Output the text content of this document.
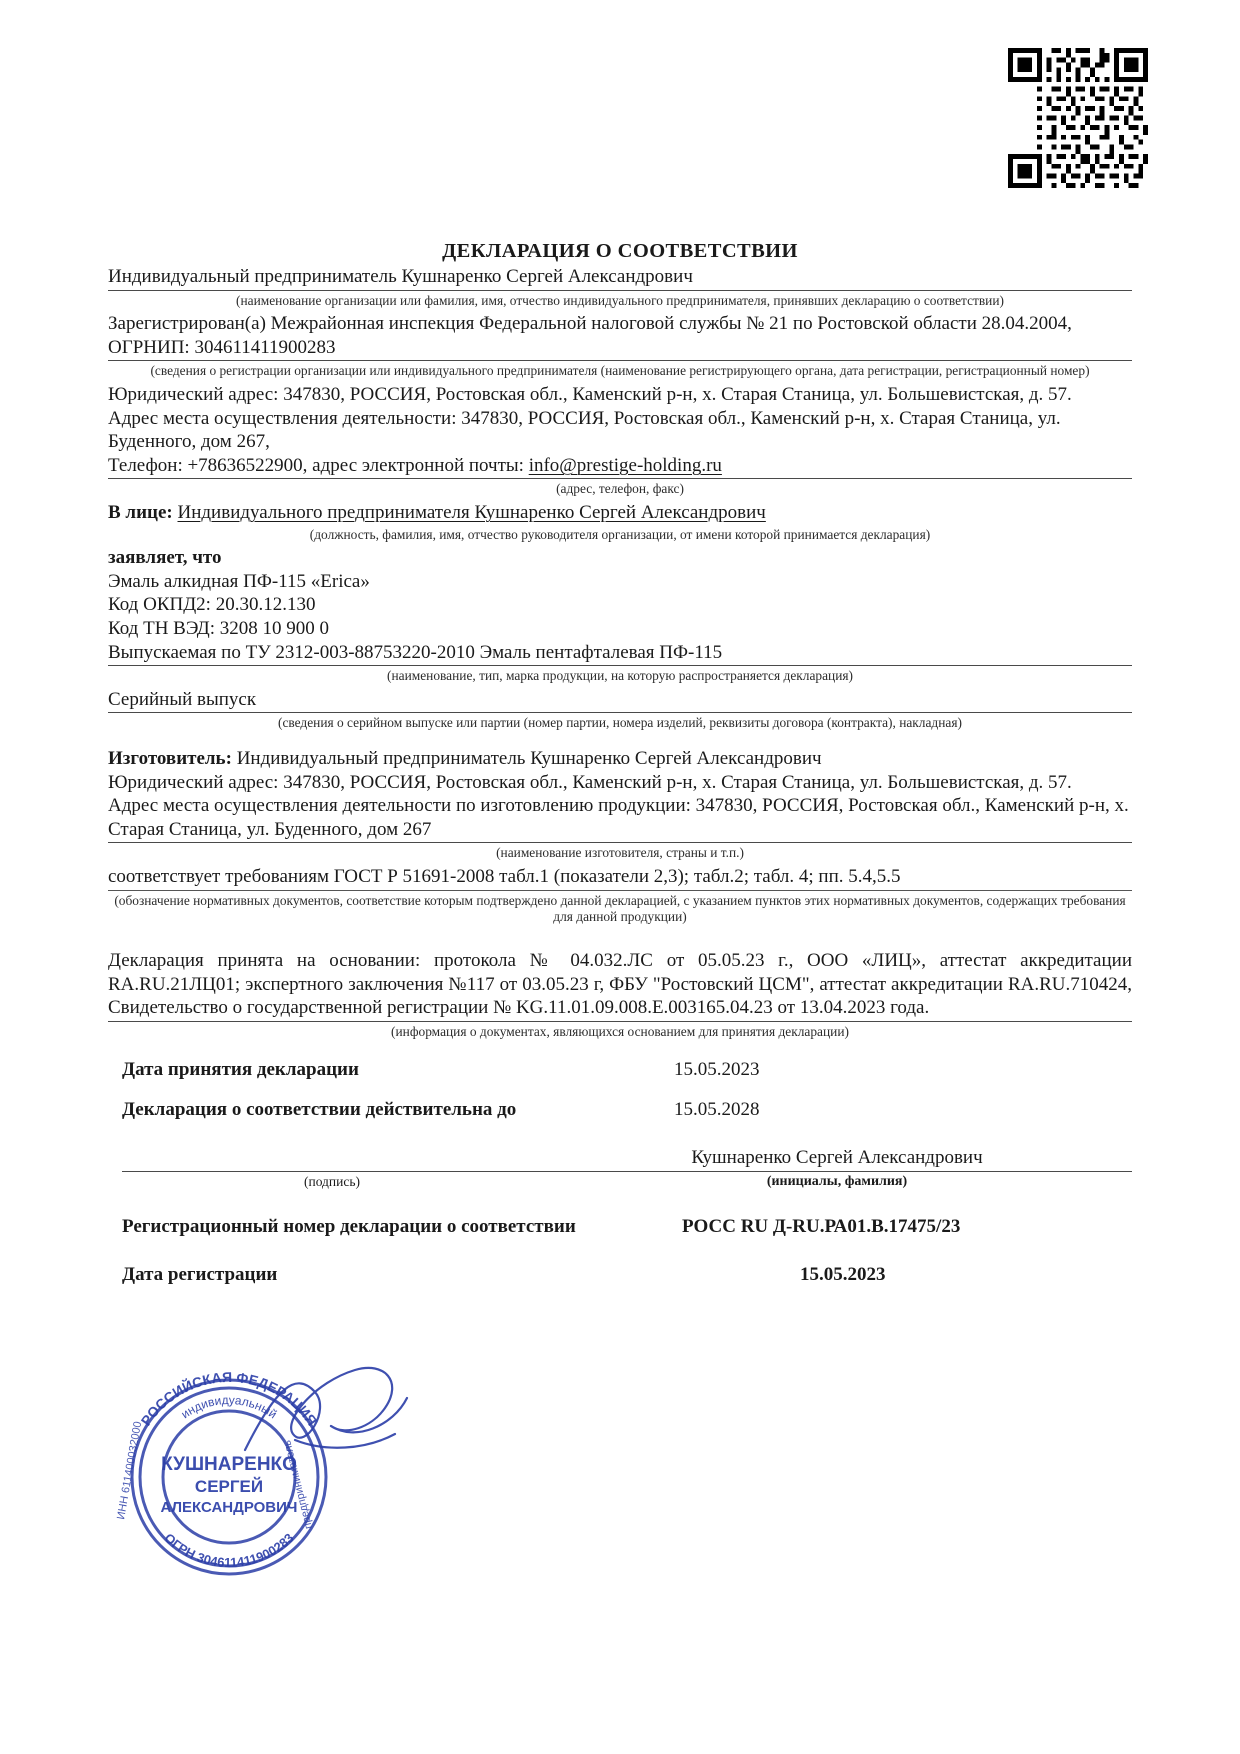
ДЕКЛАРАЦИЯ О СООТВЕТСТВИИ
Индивидуальный предприниматель Кушнаренко Сергей Александрович
(наименование организации или фамилия, имя, отчество индивидуального предпринимателя, принявших декларацию о соответствии)
Зарегистрирован(а) Межрайонная инспекция Федеральной налоговой службы № 21 по Ростовской области 28.04.2004, ОГРНИП: 304611411900283
(сведения о регистрации организации или индивидуального предпринимателя (наименование регистрирующего органа, дата регистрации, регистрационный номер)
Юридический адрес: 347830, РОССИЯ, Ростовская обл., Каменский р-н, х. Старая Станица, ул. Большевистская, д. 57.
Адрес места осуществления деятельности: 347830, РОССИЯ, Ростовская обл., Каменский р-н, х. Старая Станица, ул. Буденного, дом 267,
Телефон: +78636522900, адрес электронной почты: info@prestige-holding.ru
(адрес, телефон, факс)
В лице: Индивидуального предпринимателя Кушнаренко Сергей Александрович
(должность, фамилия, имя, отчество руководителя организации, от имени которой принимается декларация)
заявляет, что
Эмаль алкидная ПФ-115 «Erica»
Код ОКПД2: 20.30.12.130
Код ТН ВЭД: 3208 10 900 0
Выпускаемая по ТУ 2312-003-88753220-2010 Эмаль пентафталевая ПФ-115
(наименование, тип, марка продукции, на которую распространяется декларация)
Серийный выпуск
(сведения о серийном выпуске или партии (номер партии, номера изделий, реквизиты договора (контракта), накладная)
Изготовитель: Индивидуальный предприниматель Кушнаренко Сергей Александрович
Юридический адрес: 347830, РОССИЯ, Ростовская обл., Каменский р-н, х. Старая Станица, ул. Большевистская, д. 57.
Адрес места осуществления деятельности по изготовлению продукции: 347830, РОССИЯ, Ростовская обл., Каменский р-н, х. Старая Станица, ул. Буденного, дом 267
(наименование изготовителя, страны и т.п.)
соответствует требованиям ГОСТ Р 51691-2008 табл.1 (показатели 2,3); табл.2; табл. 4; пп. 5.4,5.5
(обозначение нормативных документов, соответствие которым подтверждено данной декларацией, с указанием пунктов этих нормативных документов, содержащих требования для данной продукции)
Декларация принята на основании: протокола № 04.032.ЛС от 05.05.23 г., ООО «ЛИЦ», аттестат аккредитации RA.RU.21ЛЦ01; экспертного заключения №117 от 03.05.23 г, ФБУ "Ростовский ЦСМ", аттестат аккредитации RA.RU.710424, Свидетельство о государственной регистрации № KG.11.01.09.008.Е.003165.04.23 от 13.04.2023 года.
(информация о документах, являющихся основанием для принятия декларации)
Дата принятия декларации	15.05.2023
Декларация о соответствии действительна до	15.05.2028

(подпись)
Кушнаренко Сергей Александрович
(инициалы, фамилия)
Регистрационный номер декларации о соответствии	РОСС RU Д-RU.РА01.В.17475/23
Дата регистрации	15.05.2023
РОССИЙСКАЯ ФЕДЕРАЦИЯ
ОГРН 304611411900283
индивидуальный
КУШНАРЕНКО
СЕРГЕЙ
АЛЕКСАНДРОВИЧ
ИНН 611400032000	предприниматель
